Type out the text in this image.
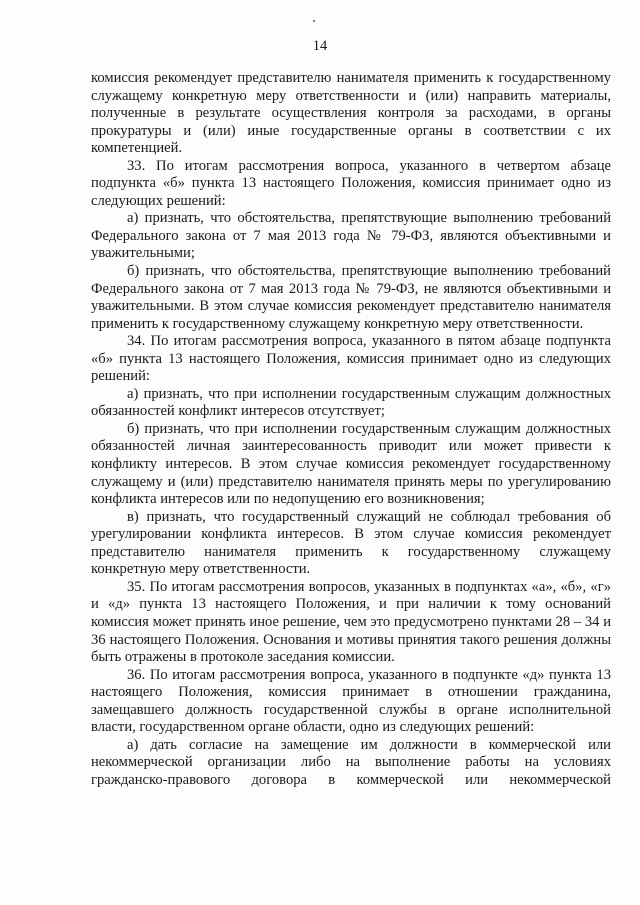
14

комиссия рекомендует представителю нанимателя применить к государственному служащему конкретную меру ответственности и (или) направить материалы, полученные в результате осуществления контроля за расходами, в органы прокуратуры и (или) иные государственные органы в соответствии с их компетенцией.

33. По итогам рассмотрения вопроса, указанного в четвертом абзаце подпункта «б» пункта 13 настоящего Положения, комиссия принимает одно из следующих решений:

а) признать, что обстоятельства, препятствующие выполнению требований Федерального закона от 7 мая 2013 года № 79-ФЗ, являются объективными и уважительными;

б) признать, что обстоятельства, препятствующие выполнению требований Федерального закона от 7 мая 2013 года № 79-ФЗ, не являются объективными и уважительными. В этом случае комиссия рекомендует представителю нанимателя применить к государственному служащему конкретную меру ответственности.

34. По итогам рассмотрения вопроса, указанного в пятом абзаце подпункта «б» пункта 13 настоящего Положения, комиссия принимает одно из следующих решений:

а) признать, что при исполнении государственным служащим должностных обязанностей конфликт интересов отсутствует;

б) признать, что при исполнении государственным служащим должностных обязанностей личная заинтересованность приводит или может привести к конфликту интересов. В этом случае комиссия рекомендует государственному служащему и (или) представителю нанимателя принять меры по урегулированию конфликта интересов или по недопущению его возникновения;

в) признать, что государственный служащий не соблюдал требования об урегулировании конфликта интересов. В этом случае комиссия рекомендует представителю нанимателя применить к государственному служащему конкретную меру ответственности.

35. По итогам рассмотрения вопросов, указанных в подпунктах «а», «б», «г» и «д» пункта 13 настоящего Положения, и при наличии к тому оснований комиссия может принять иное решение, чем это предусмотрено пунктами 28 – 34 и 36 настоящего Положения. Основания и мотивы принятия такого решения должны быть отражены в протоколе заседания комиссии.

36. По итогам рассмотрения вопроса, указанного в подпункте «д» пункта 13 настоящего Положения, комиссия принимает в отношении гражданина, замещавшего должность государственной службы в органе исполнительной власти, государственном органе области, одно из следующих решений:

а) дать согласие на замещение им должности в коммерческой или некоммерческой организации либо на выполнение работы на условиях гражданско-правового договора в коммерческой или некоммерческой
